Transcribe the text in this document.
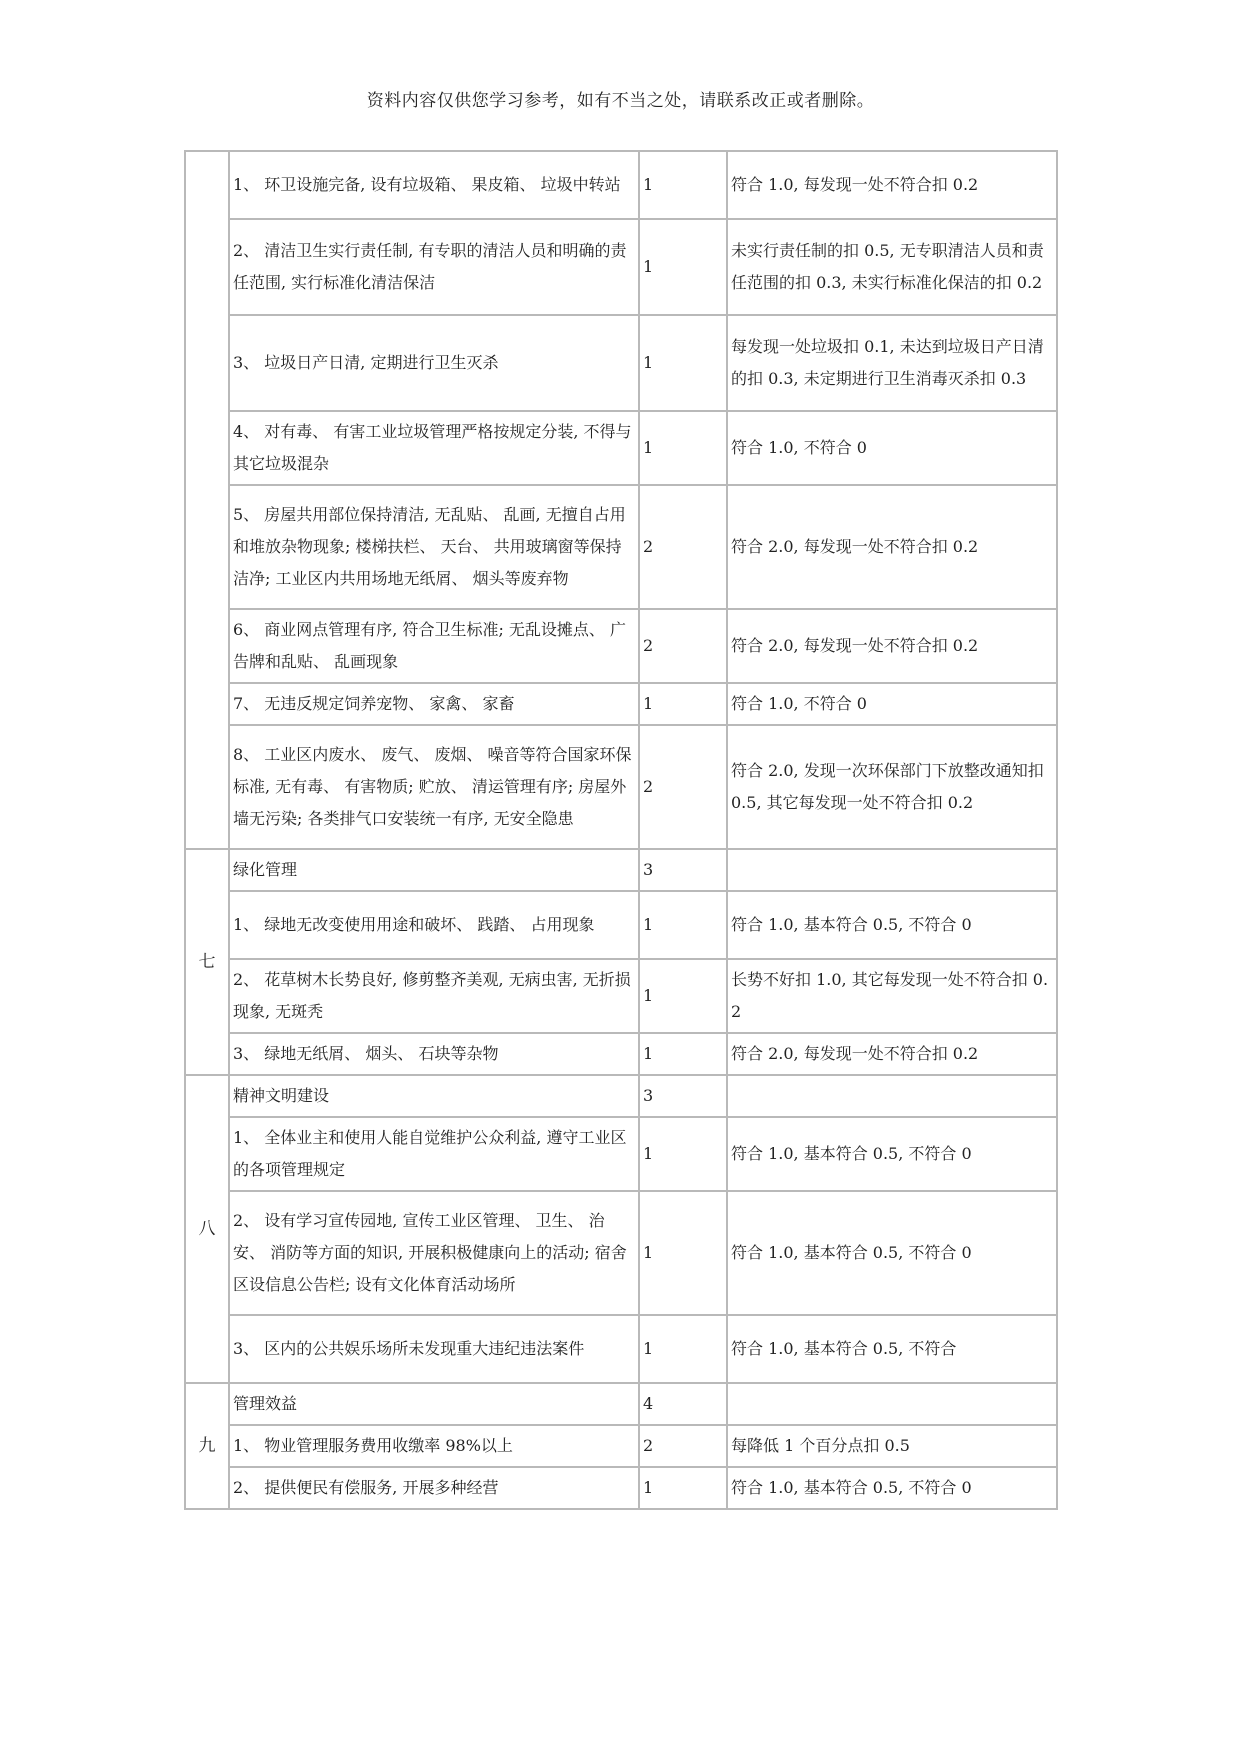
资料内容仅供您学习参考，如有不当之处，请联系改正或者删除。
	1、 环卫设施完备, 设有垃圾箱、 果皮箱、 垃圾中转站	1	符合 1.0, 每发现一处不符合扣 0.2
	2、 清洁卫生实行责任制, 有专职的清洁人员和明确的责任范围, 实行标准化清洁保洁	1	未实行责任制的扣 0.5, 无专职清洁人员和责 任范围的扣 0.3, 未实行标准化保洁的扣 0.2
	3、 垃圾日产日清, 定期进行卫生灭杀	1	每发现一处垃圾扣 0.1, 未达到垃圾日产日清 的扣 0.3, 未定期进行卫生消毒灭杀扣 0.3
	4、 对有毒、 有害工业垃圾管理严格按规定分装, 不得与其它垃圾混杂	1	符合 1.0, 不符合 0
	5、 房屋共用部位保持清洁, 无乱贴、 乱画, 无擅自占用和堆放杂物现象; 楼梯扶栏、 天台、 共用玻璃窗等保持洁净; 工业区内共用场地无纸屑、 烟头等废弃物	2	符合 2.0, 每发现一处不符合扣 0.2
	6、 商业网点管理有序, 符合卫生标准; 无乱设摊点、 广告牌和乱贴、 乱画现象	2	符合 2.0, 每发现一处不符合扣 0.2
	7、 无违反规定饲养宠物、 家禽、 家畜	1	符合 1.0, 不符合 0
	8、 工业区内废水、 废气、 废烟、 噪音等符合国家环保标准, 无有毒、 有害物质; 贮放、 清运管理有序; 房屋外墙无污染; 各类排气口安装统一有序, 无安全隐患	2	符合 2.0, 发现一次环保部门下放整改通知扣 0.5, 其它每发现一处不符合扣 0.2
七	绿化管理	3	
	1、 绿地无改变使用用途和破坏、 践踏、 占用现象	1	符合 1.0, 基本符合 0.5, 不符合 0
	2、 花草树木长势良好, 修剪整齐美观, 无病虫害, 无折损现象, 无斑秃	1	长势不好扣 1.0, 其它每发现一处不符合扣 0.2
	3、 绿地无纸屑、 烟头、 石块等杂物	1	符合 2.0, 每发现一处不符合扣 0.2
八	精神文明建设	3	
	1、 全体业主和使用人能自觉维护公众利益, 遵守工业区的各项管理规定	1	符合 1.0, 基本符合 0.5, 不符合 0
	2、 设有学习宣传园地, 宣传工业区管理、 卫生、 治安、 消防等方面的知识, 开展积极健康向上的活动; 宿舍区设信息公告栏; 设有文化体育活动场所	1	符合 1.0, 基本符合 0.5, 不符合 0
	3、 区内的公共娱乐场所未发现重大违纪违法案件	1	符合 1.0, 基本符合 0.5, 不符合
九	管理效益	4	
	1、 物业管理服务费用收缴率 98%以上	2	每降低 1 个百分点扣 0.5
	2、 提供便民有偿服务, 开展多种经营	1	符合 1.0, 基本符合 0.5, 不符合 0
